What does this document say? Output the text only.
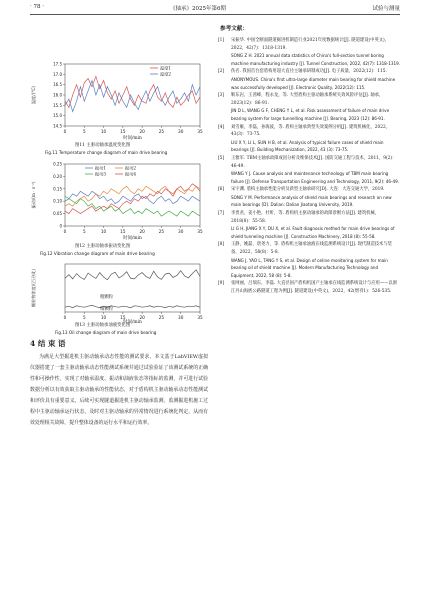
· 78 ·	《轴承》2025年第6期	试验与测量
0	5	10	15	20	25	30	35
14.5
15.0
15.5
16.0
16.5
17.0
17.5
时间/min
温度/(°C)
温度1
温度2
图11 主驱动轴承温度变化图
Fig.11 Temperature change diagram of main drive bearing
0	5	10	15	20	25	30	35
0
0.05
0.10
0.15
0.20
0.25
时间/min
振动/(m · s⁻²)
振动1	振动2
振动3	振动4
图12 主驱动轴承振动变化图
Fig.12 Vibration change diagram of main drive bearing
0	5	10	15	20	25	30	35
时间/min
颗粒物浓度/(百分比)	粗颗粒
细颗粒
图13 主驱动轴承油液变化图
Fig.13 Oil change diagram of main drive bearing
4 结 束 语

为满足大型掘进机主驱动轴承动态性能的测试要求，本文基于LabVIEW虚拟仪器搭建了一套主驱动轴承动态性能测试系统并通过试验验证了该测试系统的正确性和可操作性，实现了对轴承温度、振动和油液状态等指标的监测，并可进行试验数据分析以有效获取主驱动轴承的性能状态，对于盾构机主驱动轴承动态性能测试和评价具有重要意义。后续可实现隧道掘进机主驱动轴承监测，监测掘进机施工过程中主驱动轴承运行状态，及时对主驱动轴承的异常情况进行系统化判定，从而有效处理相关故障，提升整体设备的运行水平和运行效率。

参考文献：
[1] 宋振华. 中国全断面隧道掘进机制造行业2021年度数据统计[J]. 隧道建设(中英文)，2022，42(7)：1318-1319.
SONG Z H. 2021 annual data statistics of China's full-section tunnel boring machine manufacturing industry [J]. Tunnel Construction, 2022, 42(7): 1318-1319.
[2] 佚名. 我国首台套盾构用超大直径主轴承研制成功[J]. 电子质量，2022(12)：115.
ANONYMOUS. China's first ultra-large diameter main bearing for shield machine was successfully developed [J]. Electronic Quality, 2022(12): 115.
[3] 靳东岩，王茜峰，程永龙，等. 大型盾构主驱动轴承系统失效风险评估[J]. 轴承，2023(12)：86-91.
JIN D L, WANG G F, CHENG Y L, et al. Risk assessment of failure of main drive bearing system for large tunnelling machine [J]. Bearing, 2023 (12): 86-91.
[4] 刘雪雁，李磊，孙海波，等. 盾构主轴承典型失效案例分析[J]. 建筑机械化，2022，43(3)：73-75.
LIU X Y, LI L, SUN H B, et al. Analysis of typical failure cases of shield main bearings [J]. Building Mechanization, 2022, 43 (3): 73-75.
[5] 王雅军. TBM主轴承故障成因分析及维保技术[J]. 国防交通工程与技术，2011，9(2)：46-49.
WANG Y J. Cause analysis and maintenance technology of TBM main bearing failure [J]. Defense Transportation Engineering and Technology, 2011, 9(2): 46-49.
[6] 宋宇渊. 盾构主轴承性能分析及新型主轴承研究[D]. 大连：大连交通大学，2019.
SONG Y M. Performance analysis of shield main bearings and research on new main bearings [D]. Dalian: Dalian Jiaotong University, 2019.
[7] 李贵君，姜小艳，杜昕，等. 盾构机主驱动轴承的故障诊断方法[J]. 建筑机械，2018(8)：55-58.
LI G H, JIANG X Y, DU X, et al. Fault diagnosis method for main drive bearings of shield tunneling machine [J]. Construction Machinery, 2018 (8): 55-58.
[8] 王静，姚磊，唐尧力，等. 盾构机主轴承油液在线监测系统设计[J]. 现代制造技术与装备，2022，58(8)：5-8.
WANG J, YAO L, TANG Y S, et al. Design of online monitoring system for main bearing oil of shield machine [J]. Modern Manufacturing Technology and Equipment, 2022, 58 (8): 5-8.
[9] 张网丽，吕瑞东，李磊. 大直径国产盾构机国产主轴承在线监测系统设计与应用——以浙江丹山海底公路隧道工程为例[J]. 隧道建设(中英文)，2022，42(增刊1)：526-535.
